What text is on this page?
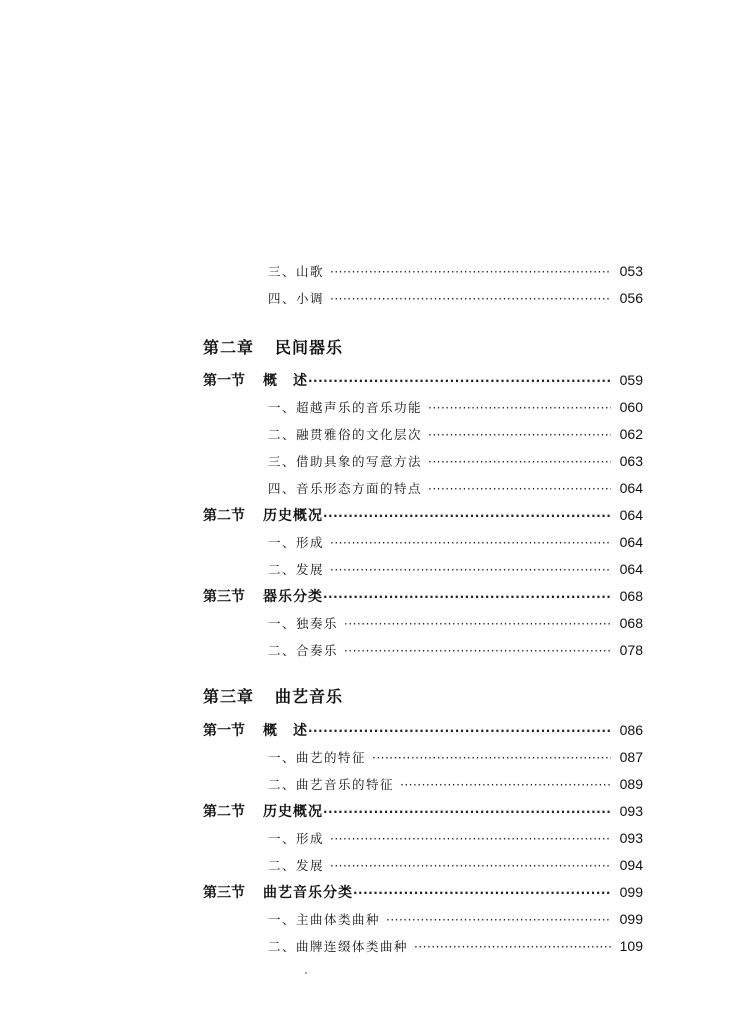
三、山歌 ·····	053
四、小调 ·····	056
第二章	民间器乐
第一节	概　述 ·····	059
一、超越声乐的音乐功能 ·····	060
二、融贯雅俗的文化层次 ·····	062
三、借助具象的写意方法 ·····	063
四、音乐形态方面的特点 ·····	064
第二节	历史概况 ·····	064
一、形成 ·····	064
二、发展 ·····	064
第三节	器乐分类 ·····	068
一、独奏乐 ·····	068
二、合奏乐 ·····	078
第三章	曲艺音乐
第一节	概　述 ·····	086
一、曲艺的特征 ·····	087
二、曲艺音乐的特征 ·····	089
第二节	历史概况 ·····	093
一、形成 ·····	093
二、发展 ·····	094
第三节	曲艺音乐分类 ·····	099
一、主曲体类曲种 ·····	099
二、曲牌连缀体类曲种 ·····	109
